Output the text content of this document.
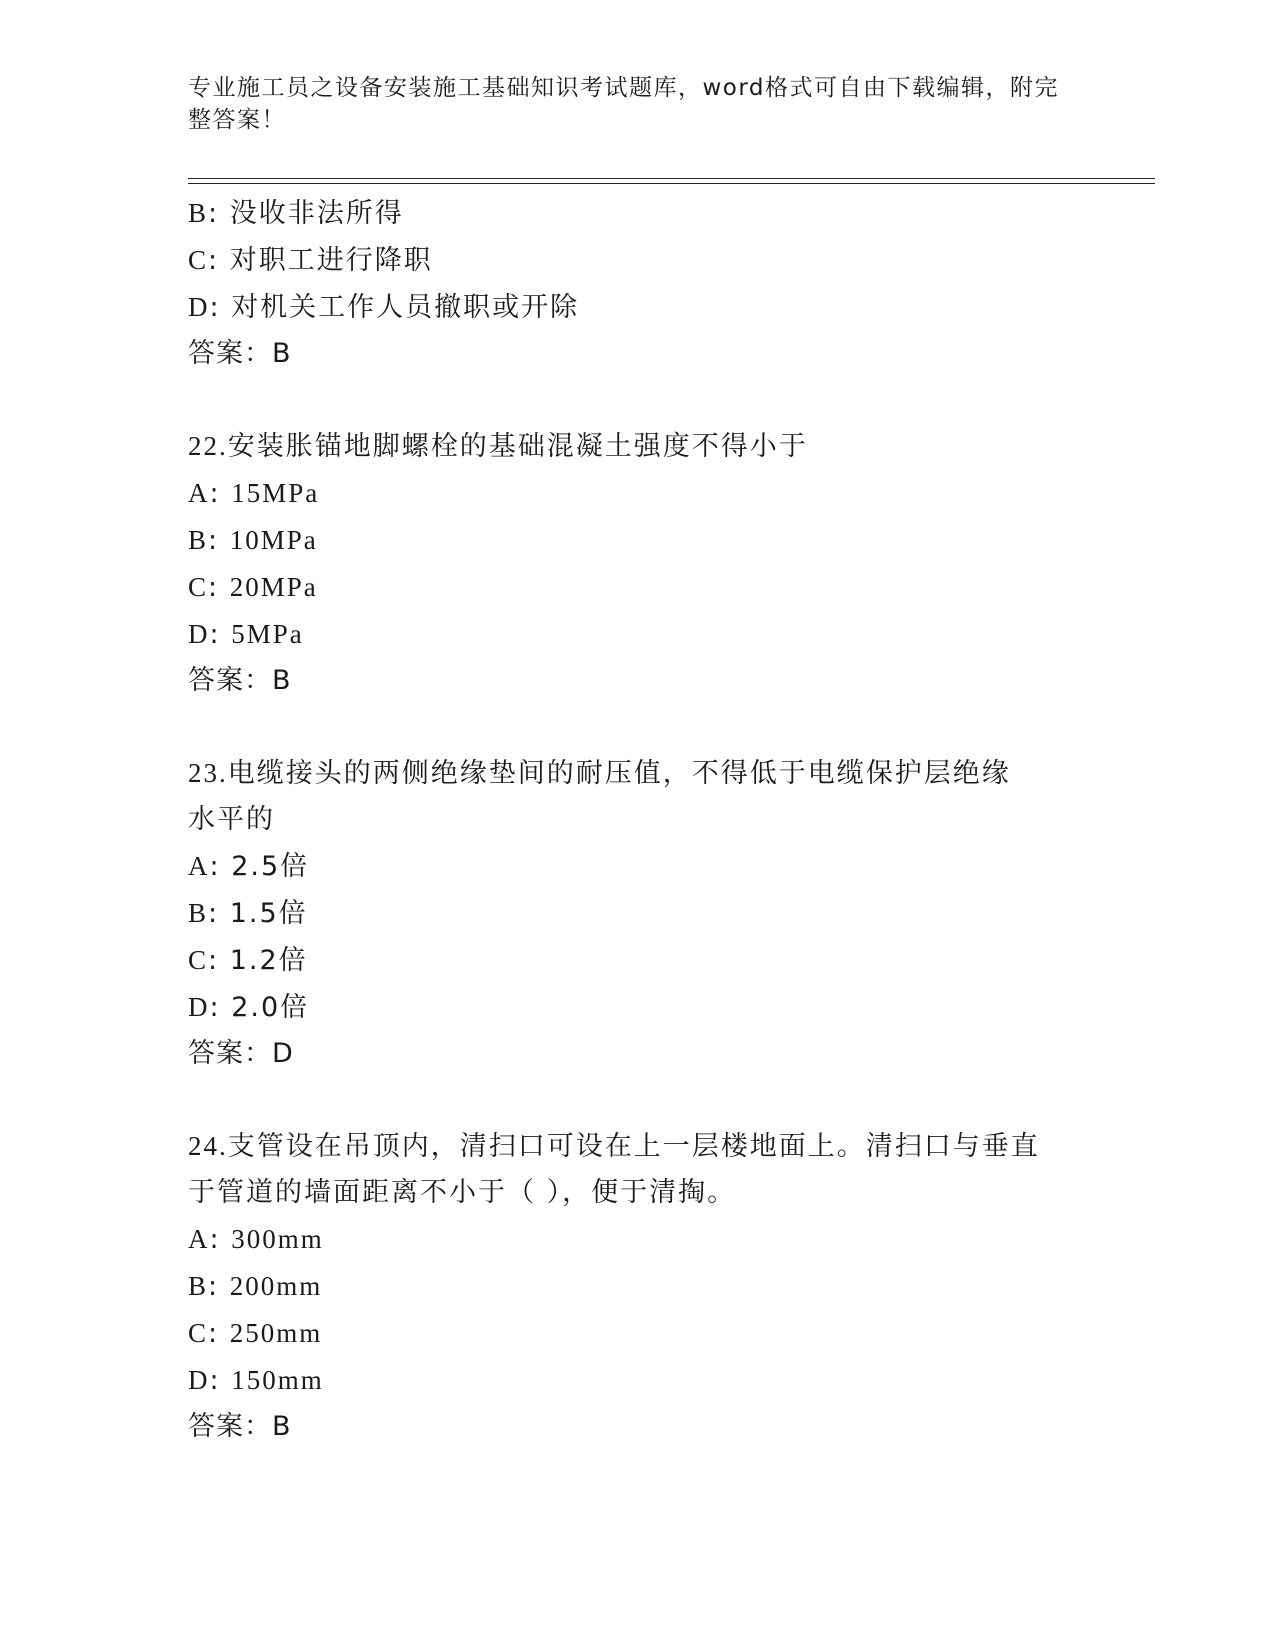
专业施工员之设备安装施工基础知识考试题库，word格式可自由下载编辑，附完整答案！
B: 没收非法所得
C: 对职工进行降职
D: 对机关工作人员撤职或开除
答案：B
22.安装胀锚地脚螺栓的基础混凝土强度不得小于
A: 15MPa
B: 10MPa
C: 20MPa
D: 5MPa
答案：B
23.电缆接头的两侧绝缘垫间的耐压值，不得低于电缆保护层绝缘水平的
A: 2.5倍
B: 1.5倍
C: 1.2倍
D: 2.0倍
答案：D
24.支管设在吊顶内，清扫口可设在上一层楼地面上。清扫口与垂直于管道的墙面距离不小于（ ），便于清掏。
A: 300mm
B: 200mm
C: 250mm
D: 150mm
答案：B
